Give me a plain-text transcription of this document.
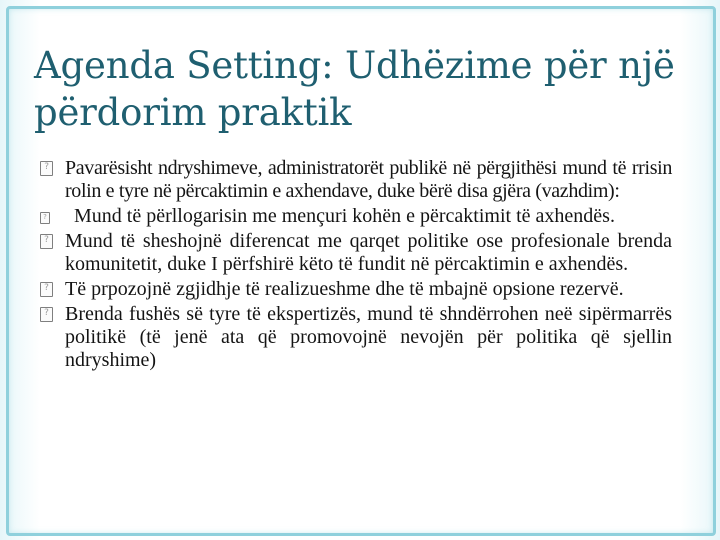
Agenda Setting: Udhëzime për një përdorim praktik
?
Pavarësisht ndryshimeve, administratorët publikë në përgjithësi mund të rrisin rolin e tyre në përcaktimin e axhendave, duke bërë disa gjëra (vazhdim):
?
Mund të përllogarisin me mençuri kohën e përcaktimit të axhendës.
?
Mund të sheshojnë diferencat me qarqet politike ose profesionale brenda komunitetit, duke I përfshirë këto të fundit në përcaktimin e axhendës.
?
Të prpozojnë zgjidhje të realizueshme dhe të mbajnë opsione rezervë.
?
Brenda fushës së tyre të ekspertizës, mund të shndërrohen neë sipërmarrës politikë (të jenë ata që promovojnë nevojën për politika që sjellin ndryshime)
